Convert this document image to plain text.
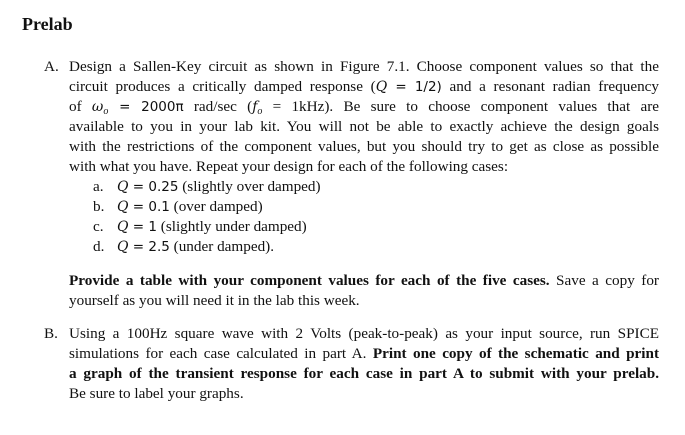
Prelab
A. Design a Sallen-Key circuit as shown in Figure 7.1. Choose component values so that the
circuit produces a critically damped response (Q = 1/2) and a resonant radian frequency
of $\omega_o = 2000\pi$ rad/sec $(f_o = 1kHz)$. Be sure to choose component values that are
available to you in your lab kit. You will not be able to exactly achieve the design goals
with the restrictions of the component values, but you should try to get as close as possible
with what you have. Repeat your design for each of the following cases:
a. Q = 0.25 (slightly over damped)
b. Q = 0.1 (over damped)
c. Q = 1 (slightly under damped)
d. Q = 2.5 (under damped).
Provide a table with your component values for each of the five cases. Save a copy for
yourself as you will need it in the lab this week.
B. Using a 100Hz square wave with 2 Volts (peak-to-peak) as your input source, run SPICE
simulations for each case calculated in part A. Print one copy of the schematic and print
a graph of the transient response for each case in part A to submit with your prelab.
Be sure to label your graphs.
